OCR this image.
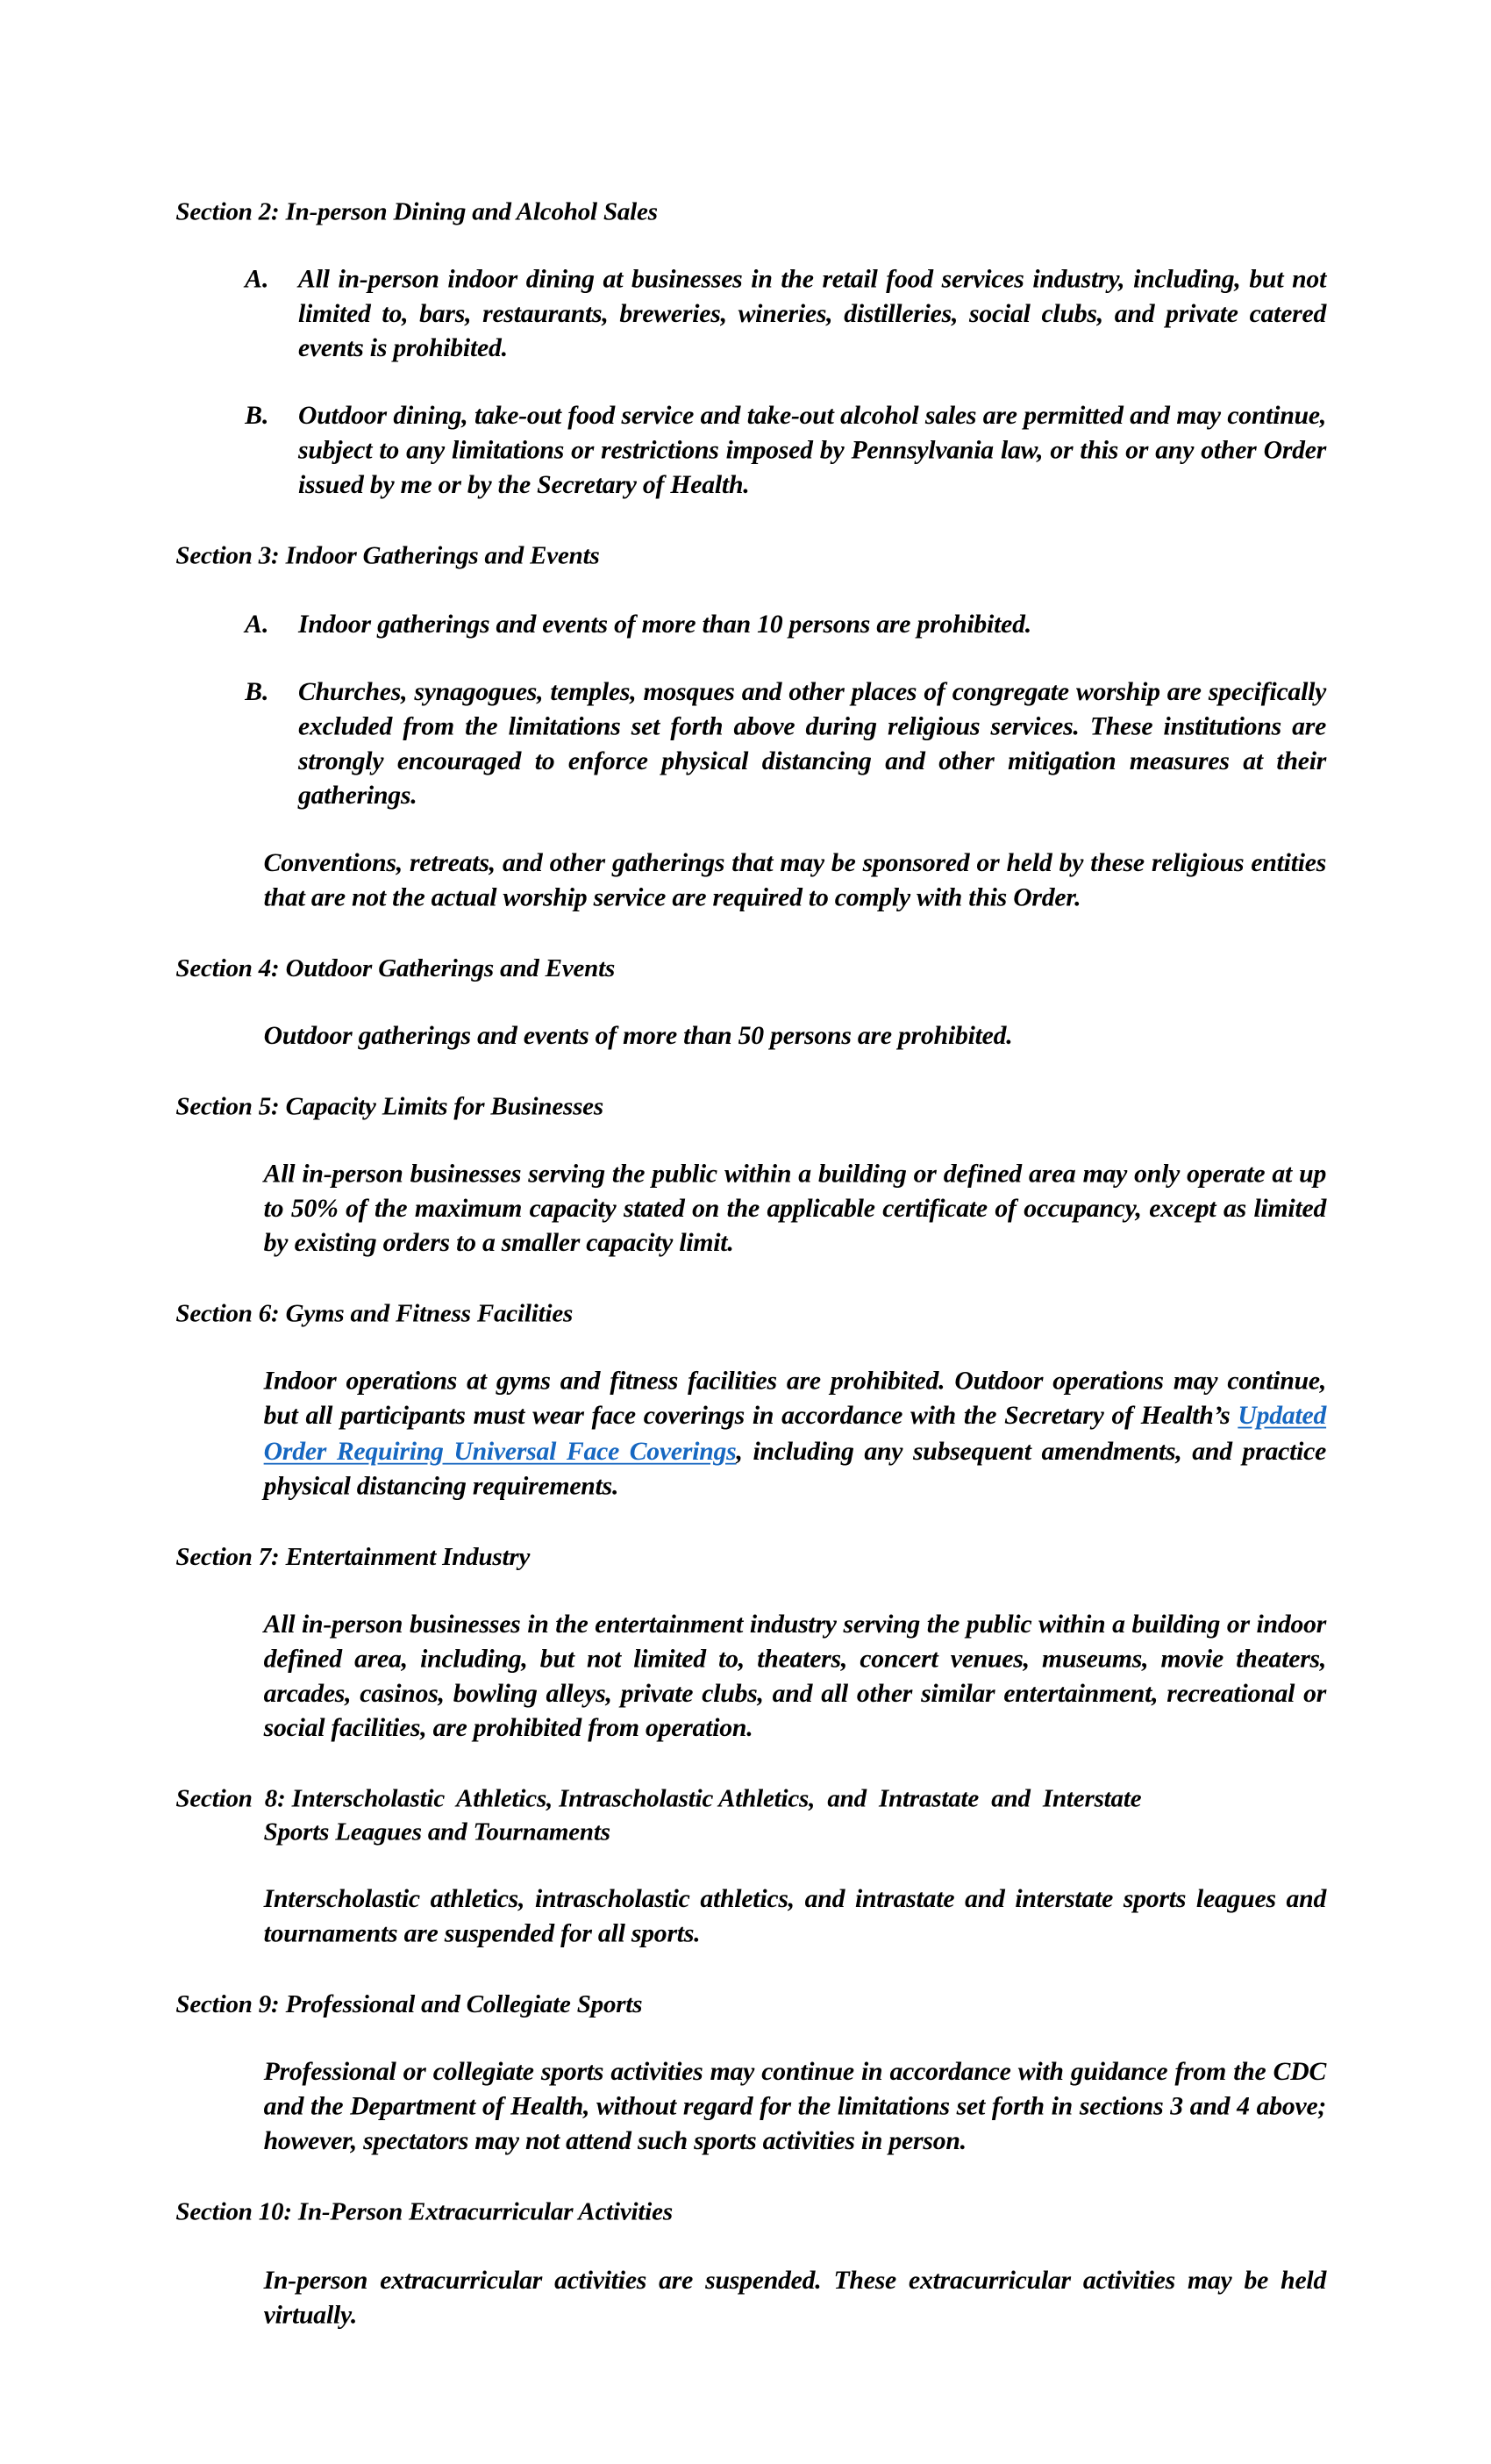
Section 2: In-person Dining and Alcohol Sales
A.	All in-person indoor dining at businesses in the retail food services industry, including, but not limited to, bars, restaurants, breweries, wineries, distilleries, social clubs, and private catered events is prohibited.
B.	Outdoor dining, take-out food service and take-out alcohol sales are permitted and may continue, subject to any limitations or restrictions imposed by Pennsylvania law, or this or any other Order issued by me or by the Secretary of Health.
Section 3: Indoor Gatherings and Events
A.	Indoor gatherings and events of more than 10 persons are prohibited.
B.	Churches, synagogues, temples, mosques and other places of congregate worship are specifically excluded from the limitations set forth above during religious services. These institutions are strongly encouraged to enforce physical distancing and other mitigation measures at their gatherings.
Conventions, retreats, and other gatherings that may be sponsored or held by these religious entities that are not the actual worship service are required to comply with this Order.
Section 4: Outdoor Gatherings and Events
Outdoor gatherings and events of more than 50 persons are prohibited.
Section 5: Capacity Limits for Businesses
All in-person businesses serving the public within a building or defined area may only operate at up to 50% of the maximum capacity stated on the applicable certificate of occupancy, except as limited by existing orders to a smaller capacity limit.
Section 6: Gyms and Fitness Facilities
Indoor operations at gyms and fitness facilities are prohibited. Outdoor operations may continue, but all participants must wear face coverings in accordance with the Secretary of Health’s Updated Order Requiring Universal Face Coverings, including any subsequent amendments, and practice physical distancing requirements.
Section 7: Entertainment Industry
All in-person businesses in the entertainment industry serving the public within a building or indoor defined area, including, but not limited to, theaters, concert venues, museums, movie theaters, arcades, casinos, bowling alleys, private clubs, and all other similar entertainment, recreational or social facilities, are prohibited from operation.
Section  8: Interscholastic  Athletics, Intrascholastic Athletics,  and  Intrastate  and  Interstate
Sports Leagues and Tournaments
Interscholastic athletics, intrascholastic athletics, and intrastate and interstate sports leagues and tournaments are suspended for all sports.
Section 9: Professional and Collegiate Sports
Professional or collegiate sports activities may continue in accordance with guidance from the CDC and the Department of Health, without regard for the limitations set forth in sections 3 and 4 above; however, spectators may not attend such sports activities in person.
Section 10: In-Person Extracurricular Activities
In-person extracurricular activities are suspended. These extracurricular activities may be held virtually.
